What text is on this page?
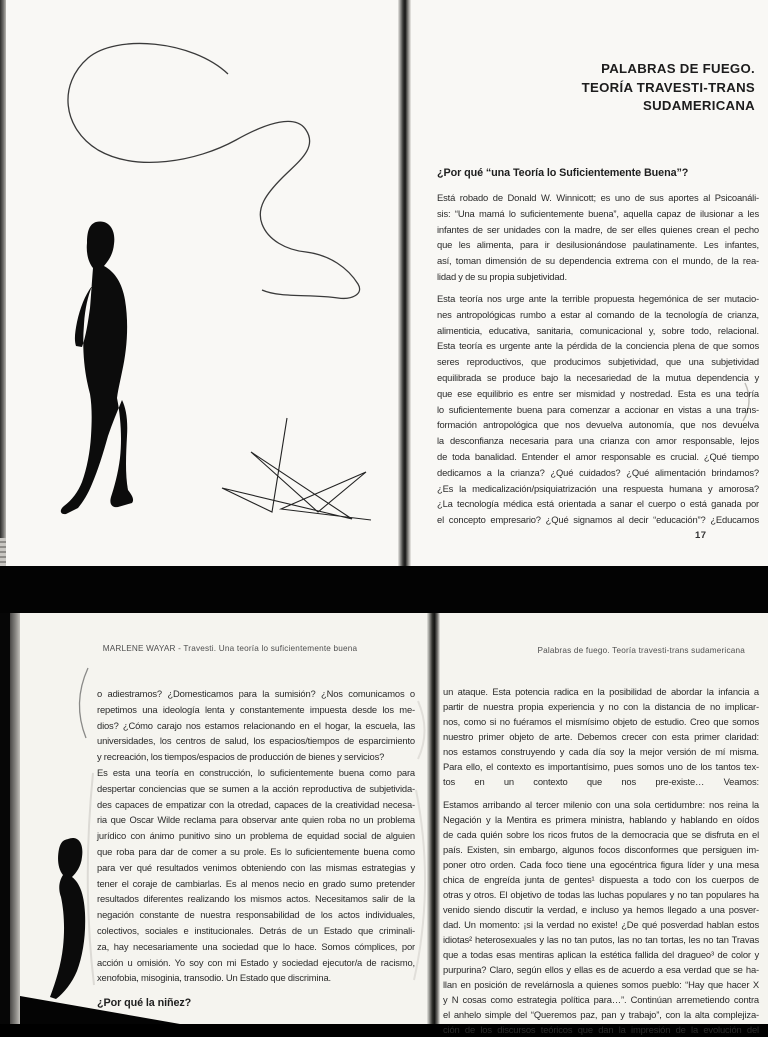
PALABRAS DE FUEGO.
TEORÍA TRAVESTI-TRANS
SUDAMERICANA
¿Por qué “una Teoría lo Suficientemente Buena”?
Está robado de Donald W. Winnicott; es uno de sus aportes al Psicoanáli-
sis: “Una mamá lo suficientemente buena”, aquella capaz de ilusionar a les
infantes de ser unidades con la madre, de ser elles quienes crean el pecho
que les alimenta, para ir desilusionándose paulatinamente. Les infantes,
así, toman dimensión de su dependencia extrema con el mundo, de la rea-
lidad y de su propia subjetividad.
Esta teoría nos urge ante la terrible propuesta hegemónica de ser mutacio-
nes antropológicas rumbo a estar al comando de la tecnología de crianza,
alimenticia, educativa, sanitaria, comunicacional y, sobre todo, relacional.
Esta teoría es urgente ante la pérdida de la conciencia plena de que somos
seres reproductivos, que producimos subjetividad, que una subjetividad
equilibrada se produce bajo la necesariedad de la mutua dependencia y
que ese equilibrio es entre ser mismidad y nostredad. Esta es una teoría
lo suficientemente buena para comenzar a accionar en vistas a una trans-
formación antropológica que nos devuelva autonomía, que nos devuelva
la desconfianza necesaria para una crianza con amor responsable, lejos
de toda banalidad. Entender el amor responsable es crucial. ¿Qué tiempo
dedicamos a la crianza? ¿Qué cuidados? ¿Qué alimentación brindamos?
¿Es la medicalización/psiquiatrización una respuesta humana y amorosa?
¿La tecnología médica está orientada a sanar el cuerpo o está ganada por
el concepto empresario? ¿Qué signamos al decir “educación”? ¿Educamos
17
MARLENE WAYAR - Travesti. Una teoría lo suficientemente buena
o adiestramos? ¿Domesticamos para la sumisión? ¿Nos comunicamos o
repetimos una ideología lenta y constantemente impuesta desde los me-
dios? ¿Cómo carajo nos estamos relacionando en el hogar, la escuela, las
universidades, los centros de salud, los espacios/tiempos de esparcimiento
y recreación, los tiempos/espacios de producción de bienes y servicios?
Es esta una teoría en construcción, lo suficientemente buena como para
despertar conciencias que se sumen a la acción reproductiva de subjetivida-
des capaces de empatizar con la otredad, capaces de la creatividad necesa-
ria que Oscar Wilde reclama para observar ante quien roba no un problema
jurídico con ánimo punitivo sino un problema de equidad social de alguien
que roba para dar de comer a su prole. Es lo suficientemente buena como
para ver qué resultados venimos obteniendo con las mismas estrategias y
tener el coraje de cambiarlas. Es al menos necio en grado sumo pretender
resultados diferentes realizando los mismos actos. Necesitamos salir de la
negación constante de nuestra responsabilidad de los actos individuales,
colectivos, sociales e institucionales. Detrás de un Estado que criminali-
za, hay necesariamente una sociedad que lo hace. Somos cómplices, por
acción u omisión. Yo soy con mi Estado y sociedad ejecutor/a de racismo,
xenofobia, misoginia, transodio. Un Estado que discrimina.
¿Por qué la niñez?
Palabras de fuego. Teoría travesti-trans sudamericana
un ataque. Esta potencia radica en la posibilidad de abordar la infancia a
partir de nuestra propia experiencia y no con la distancia de no implicar-
nos, como si no fuéramos el mismísimo objeto de estudio. Creo que somos
nuestro primer objeto de arte. Debemos crecer con esta primer claridad:
nos estamos construyendo y cada día soy la mejor versión de mí misma.
Para ello, el contexto es importantísimo, pues somos uno de los tantos tex-
tos en un contexto que nos pre-existe… Veamos:
Estamos arribando al tercer milenio con una sola certidumbre: nos reina la
Negación y la Mentira es primera ministra, hablando y hablando en oídos
de cada quién sobre los ricos frutos de la democracia que se disfruta en el
país. Existen, sin embargo, algunos focos disconformes que persiguen im-
poner otro orden. Cada foco tiene una egocéntrica figura líder y una mesa
chica de engreída junta de gentes¹ dispuesta a todo con los cuerpos de
otras y otros. El objetivo de todas las luchas populares y no tan populares ha
venido siendo discutir la verdad, e incluso ya hemos llegado a una posver-
dad. Un momento: ¡si la verdad no existe! ¿De qué posverdad hablan estos
idiotas² heterosexuales y las no tan putos, las no tan tortas, les no tan Travas
que a todas esas mentiras aplican la estética fallida del dragueo³ de color y
purpurina? Claro, según ellos y ellas es de acuerdo a esa verdad que se ha-
llan en posición de revelárnosla a quienes somos pueblo: “Hay que hacer X
y N cosas como estrategia política para…”. Continúan arremetiendo contra
el anhelo simple del “Queremos paz, pan y trabajo”, con la alta complejiza-
ción de los discursos teóricos que dan la impresión de la evolución del
